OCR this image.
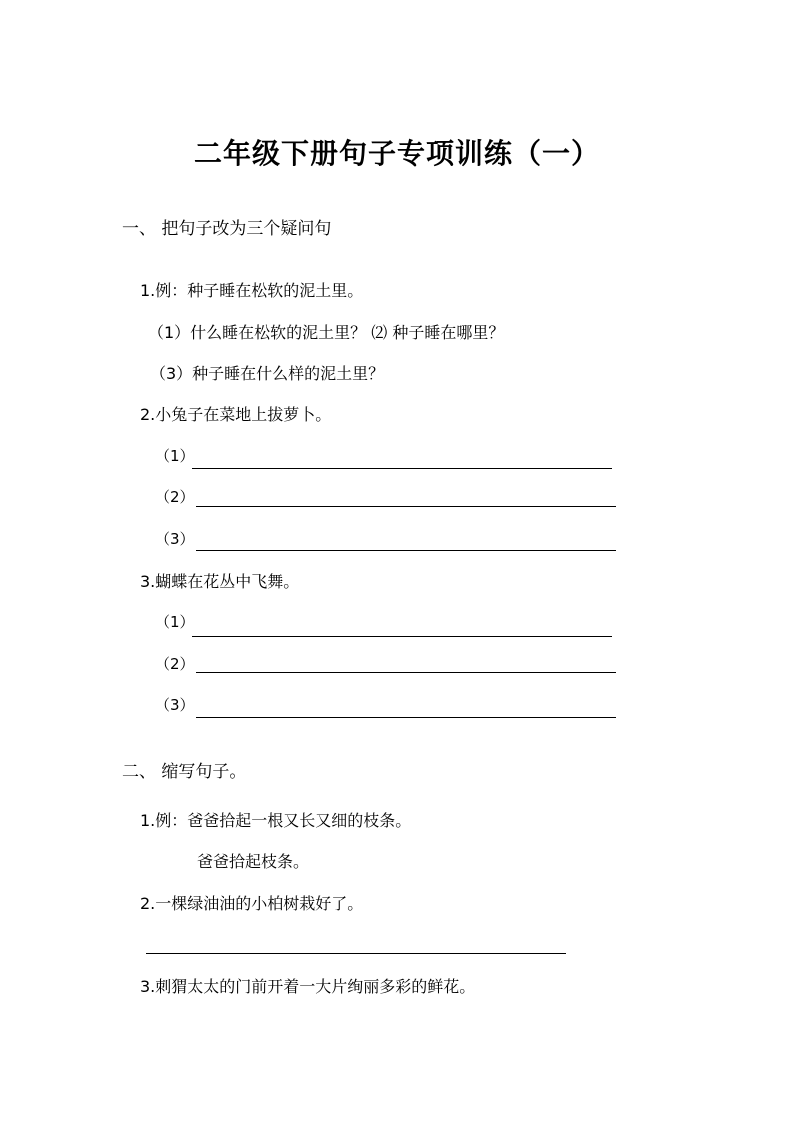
二年级下册句子专项训练（一）
一、 把句子改为三个疑问句
1.例：种子睡在松软的泥土里。
（1）什么睡在松软的泥土里？ ⑵ 种子睡在哪里？
（3）种子睡在什么样的泥土里？
2.小兔子在菜地上拔萝卜。
（1）
（2）
（3）
3.蝴蝶在花丛中飞舞。
（1）
（2）
（3）
二、 缩写句子。
1.例：爸爸拾起一根又长又细的枝条。
爸爸拾起枝条。
2.一棵绿油油的小柏树栽好了。
3.刺猬太太的门前开着一大片绚丽多彩的鲜花。
